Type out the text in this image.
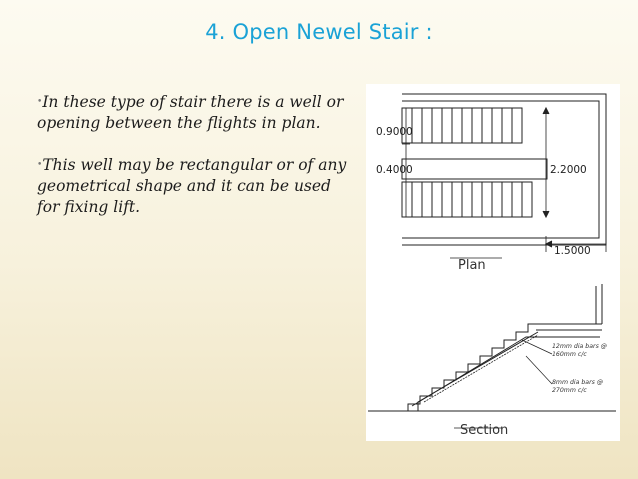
4. Open Newel Stair :
•In these type of stair there is a well or opening between the flights in plan.
•This well may be rectangular or of any geometrical shape and it can be used for fixing lift.
0.9000
0.4000	2.2000
1.5000
Plan
12mm dia bars @
160mm c/c
8mm dia bars @
270mm c/c
Section
